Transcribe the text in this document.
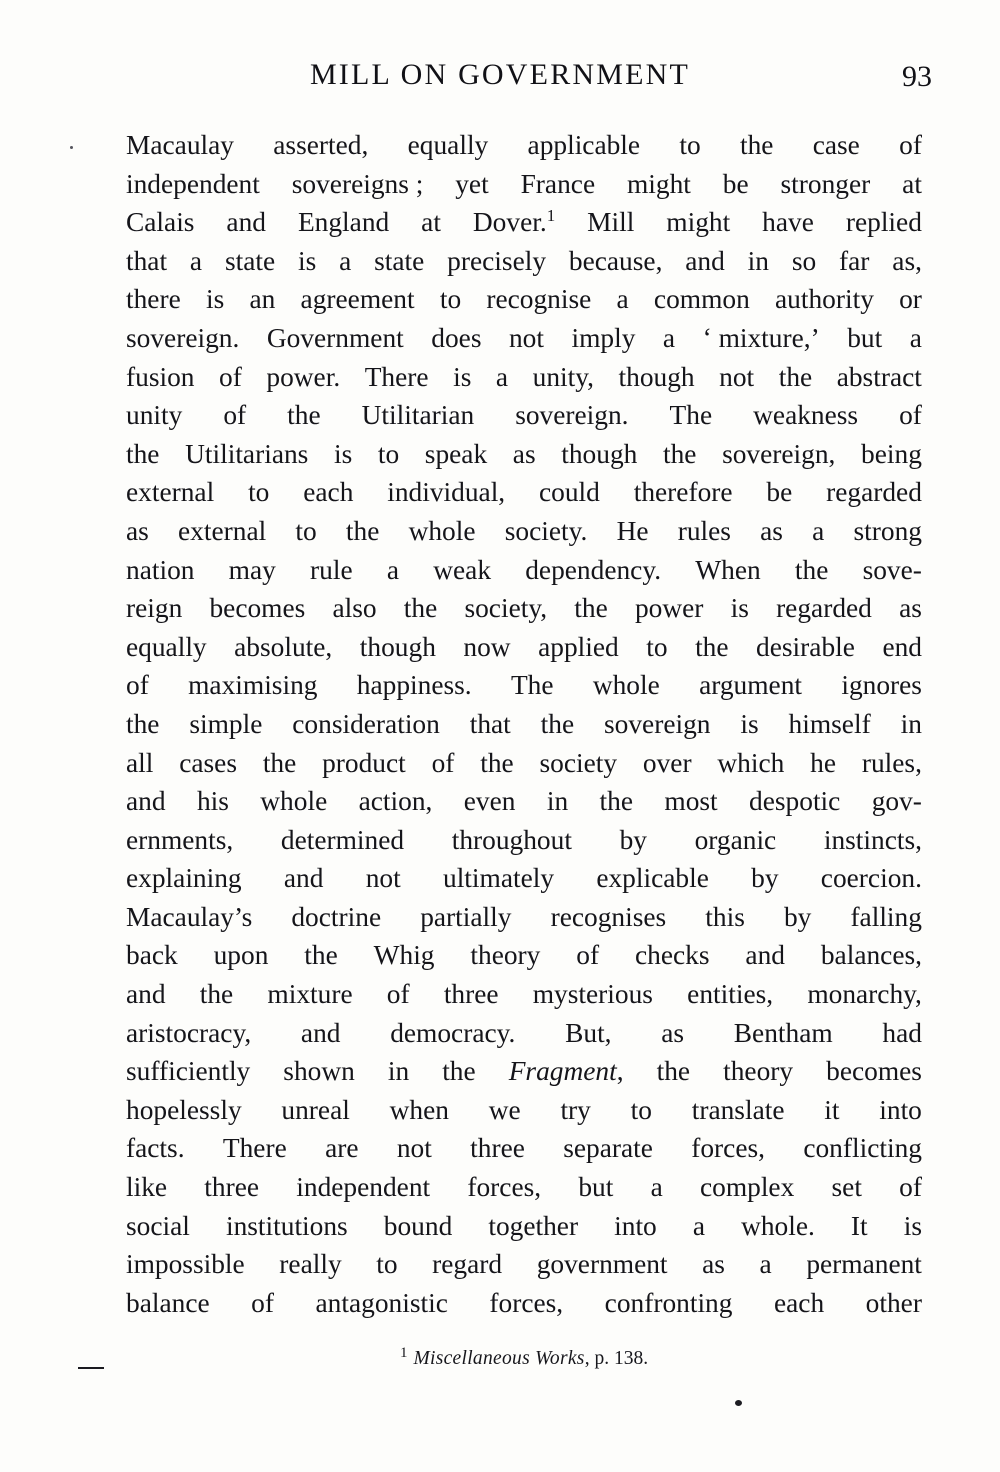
MILL ON GOVERNMENT	93
Macaulay asserted, equally applicable to the case of
independent sovereigns ; yet France might be stronger at
Calais and England at Dover.$^1$ Mill might have replied
that a state is a state precisely because, and in so far as,
there is an agreement to recognise a common authority or
sovereign. Government does not imply a ‘ mixture,’ but a
fusion of power. There is a unity, though not the abstract
unity of the Utilitarian sovereign. The weakness of
the Utilitarians is to speak as though the sovereign, being
external to each individual, could therefore be regarded
as external to the whole society. He rules as a strong
nation may rule a weak dependency. When the sove-
reign becomes also the society, the power is regarded as
equally absolute, though now applied to the desirable end
of maximising happiness. The whole argument ignores
the simple consideration that the sovereign is himself in
all cases the product of the society over which he rules,
and his whole action, even in the most despotic gov-
ernments, determined throughout by organic instincts,
explaining and not ultimately explicable by coercion.
Macaulay’s doctrine partially recognises this by falling
back upon the Whig theory of checks and balances,
and the mixture of three mysterious entities, monarchy,
aristocracy, and democracy. But, as Bentham had
sufficiently shown in the Fragment, the theory becomes
hopelessly unreal when we try to translate it into
facts. There are not three separate forces, conflicting
like three independent forces, but a complex set of
social institutions bound together into a whole. It is
impossible really to regard government as a permanent
balance of antagonistic forces, confronting each other
$^1$ Miscellaneous Works, p. 138.
